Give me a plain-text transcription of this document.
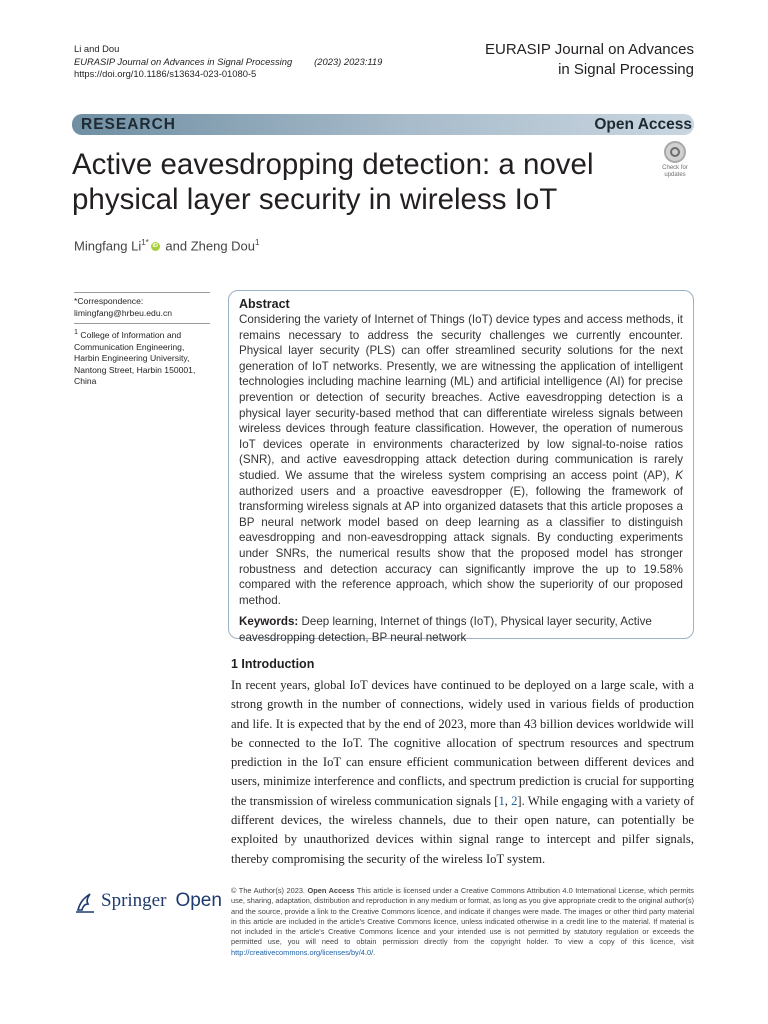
Li and Dou
EURASIP Journal on Advances in Signal Processing (2023) 2023:119
https://doi.org/10.1186/s13634-023-01080-5
EURASIP Journal on Advances
in Signal Processing
RESEARCH	Open Access
Active eavesdropping detection: a novel physical layer security in wireless IoT
Check for
updates
Mingfang $Li^{1*}$ iD and Zheng Dou$^1$
*Correspondence:
limingfang@hrbeu.edu.cn
$^1$ College of Information and Communication Engineering, Harbin Engineering University, Nantong Street, Harbin 150001, China
Abstract
Considering the variety of Internet of Things (IoT) device types and access methods, it remains necessary to address the security challenges we currently encounter. Physical layer security (PLS) can offer streamlined security solutions for the next generation of IoT networks. Presently, we are witnessing the application of intelligent technologies including machine learning (ML) and artificial intelligence (AI) for precise prevention or detection of security breaches. Active eavesdropping detection is a physical layer security-based method that can differentiate wireless signals between wireless devices through feature classification. However, the operation of numerous IoT devices operate in environments characterized by low signal-to-noise ratios (SNR), and active eavesdropping attack detection during communication is rarely studied. We assume that the wireless system comprising an access point (AP), K authorized users and a proactive eavesdropper (E), following the framework of transforming wireless signals at AP into organized datasets that this article proposes a BP neural network model based on deep learning as a classifier to distinguish eavesdropping and non-eavesdropping attack signals. By conducting experiments under SNRs, the numerical results show that the proposed model has stronger robustness and detection accuracy can significantly improve the up to 19.58% compared with the reference approach, which show the superiority of our proposed method.
Keywords: Deep learning, Internet of things (IoT), Physical layer security, Active eavesdropping detection, BP neural network
1 Introduction
In recent years, global IoT devices have continued to be deployed on a large scale, with a strong growth in the number of connections, widely used in various fields of production and life. It is expected that by the end of 2023, more than 43 billion devices worldwide will be connected to the IoT. The cognitive allocation of spectrum resources and spectrum prediction in the IoT can ensure efficient communication between different devices and users, minimize interference and conflicts, and spectrum prediction is crucial for supporting the transmission of wireless communication signals [1, 2]. While engaging with a variety of different devices, the wireless channels, due to their open nature, can potentially be exploited by unauthorized devices within signal range to intercept and pilfer signals, thereby compromising the security of the wireless IoT system.
Springer Open © The Author(s) 2023. Open Access This article is licensed under a Creative Commons Attribution 4.0 International License, which permits use, sharing, adaptation, distribution and reproduction in any medium or format, as long as you give appropriate credit to the original author(s) and the source, provide a link to the Creative Commons licence, and indicate if changes were made. The images or other third party material in this article are included in the article's Creative Commons licence, unless indicated otherwise in a credit line to the material. If material is not included in the article's Creative Commons licence and your intended use is not permitted by statutory regulation or exceeds the permitted use, you will need to obtain permission directly from the copyright holder. To view a copy of this licence, visit http://creativecommons.org/licenses/by/4.0/.
